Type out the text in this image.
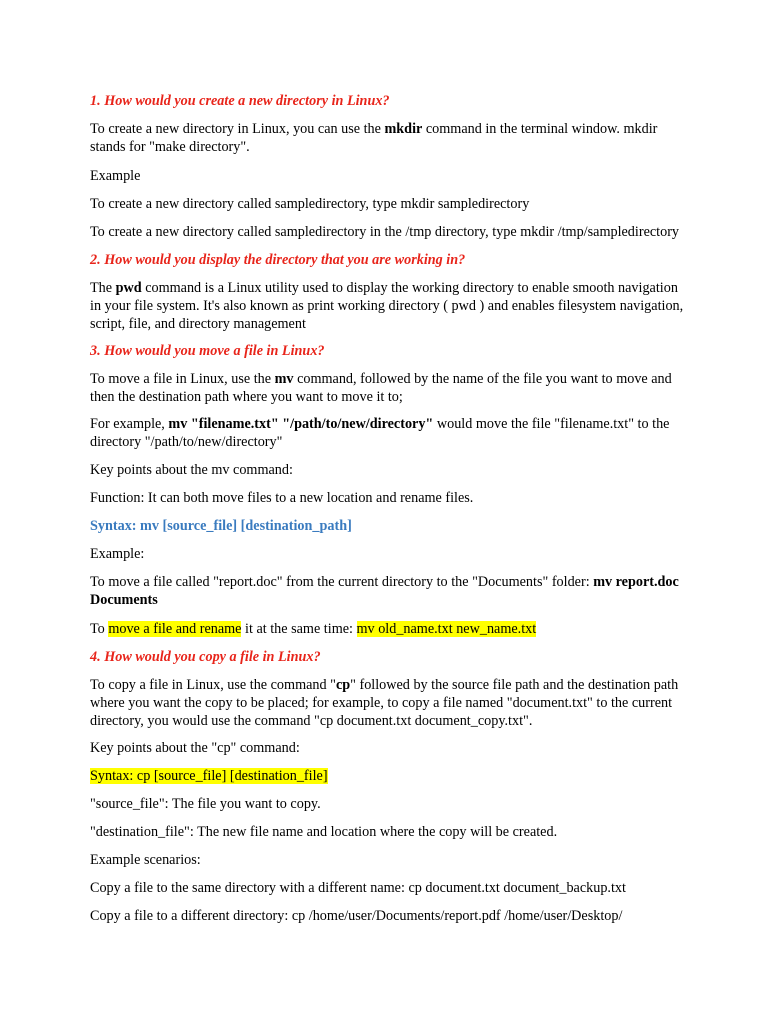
1. How would you create a new directory in Linux?

To create a new directory in Linux, you can use the mkdir command in the terminal window. mkdir stands for "make directory".

Example

To create a new directory called sampledirectory, type mkdir sampledirectory

To create a new directory called sampledirectory in the /tmp directory, type mkdir /tmp/sampledirectory

2. How would you display the directory that you are working in?

The pwd command is a Linux utility used to display the working directory to enable smooth navigation in your file system. It's also known as print working directory ( pwd ) and enables filesystem navigation, script, file, and directory management

3. How would you move a file in Linux?

To move a file in Linux, use the mv command, followed by the name of the file you want to move and then the destination path where you want to move it to;

For example, mv "filename.txt" "/path/to/new/directory" would move the file "filename.txt" to the directory "/path/to/new/directory"

Key points about the mv command:

Function: It can both move files to a new location and rename files.

Syntax: mv [source_file] [destination_path]

Example:

To move a file called "report.doc" from the current directory to the "Documents" folder: mv report.doc Documents

To move a file and rename it at the same time: mv old_name.txt new_name.txt

4. How would you copy a file in Linux?

To copy a file in Linux, use the command "cp" followed by the source file path and the destination path where you want the copy to be placed; for example, to copy a file named "document.txt" to the current directory, you would use the command "cp document.txt document_copy.txt".

Key points about the "cp" command:

Syntax: cp [source_file] [destination_file]

"source_file": The file you want to copy.

"destination_file": The new file name and location where the copy will be created.

Example scenarios:

Copy a file to the same directory with a different name: cp document.txt document_backup.txt

Copy a file to a different directory: cp /home/user/Documents/report.pdf /home/user/Desktop/
